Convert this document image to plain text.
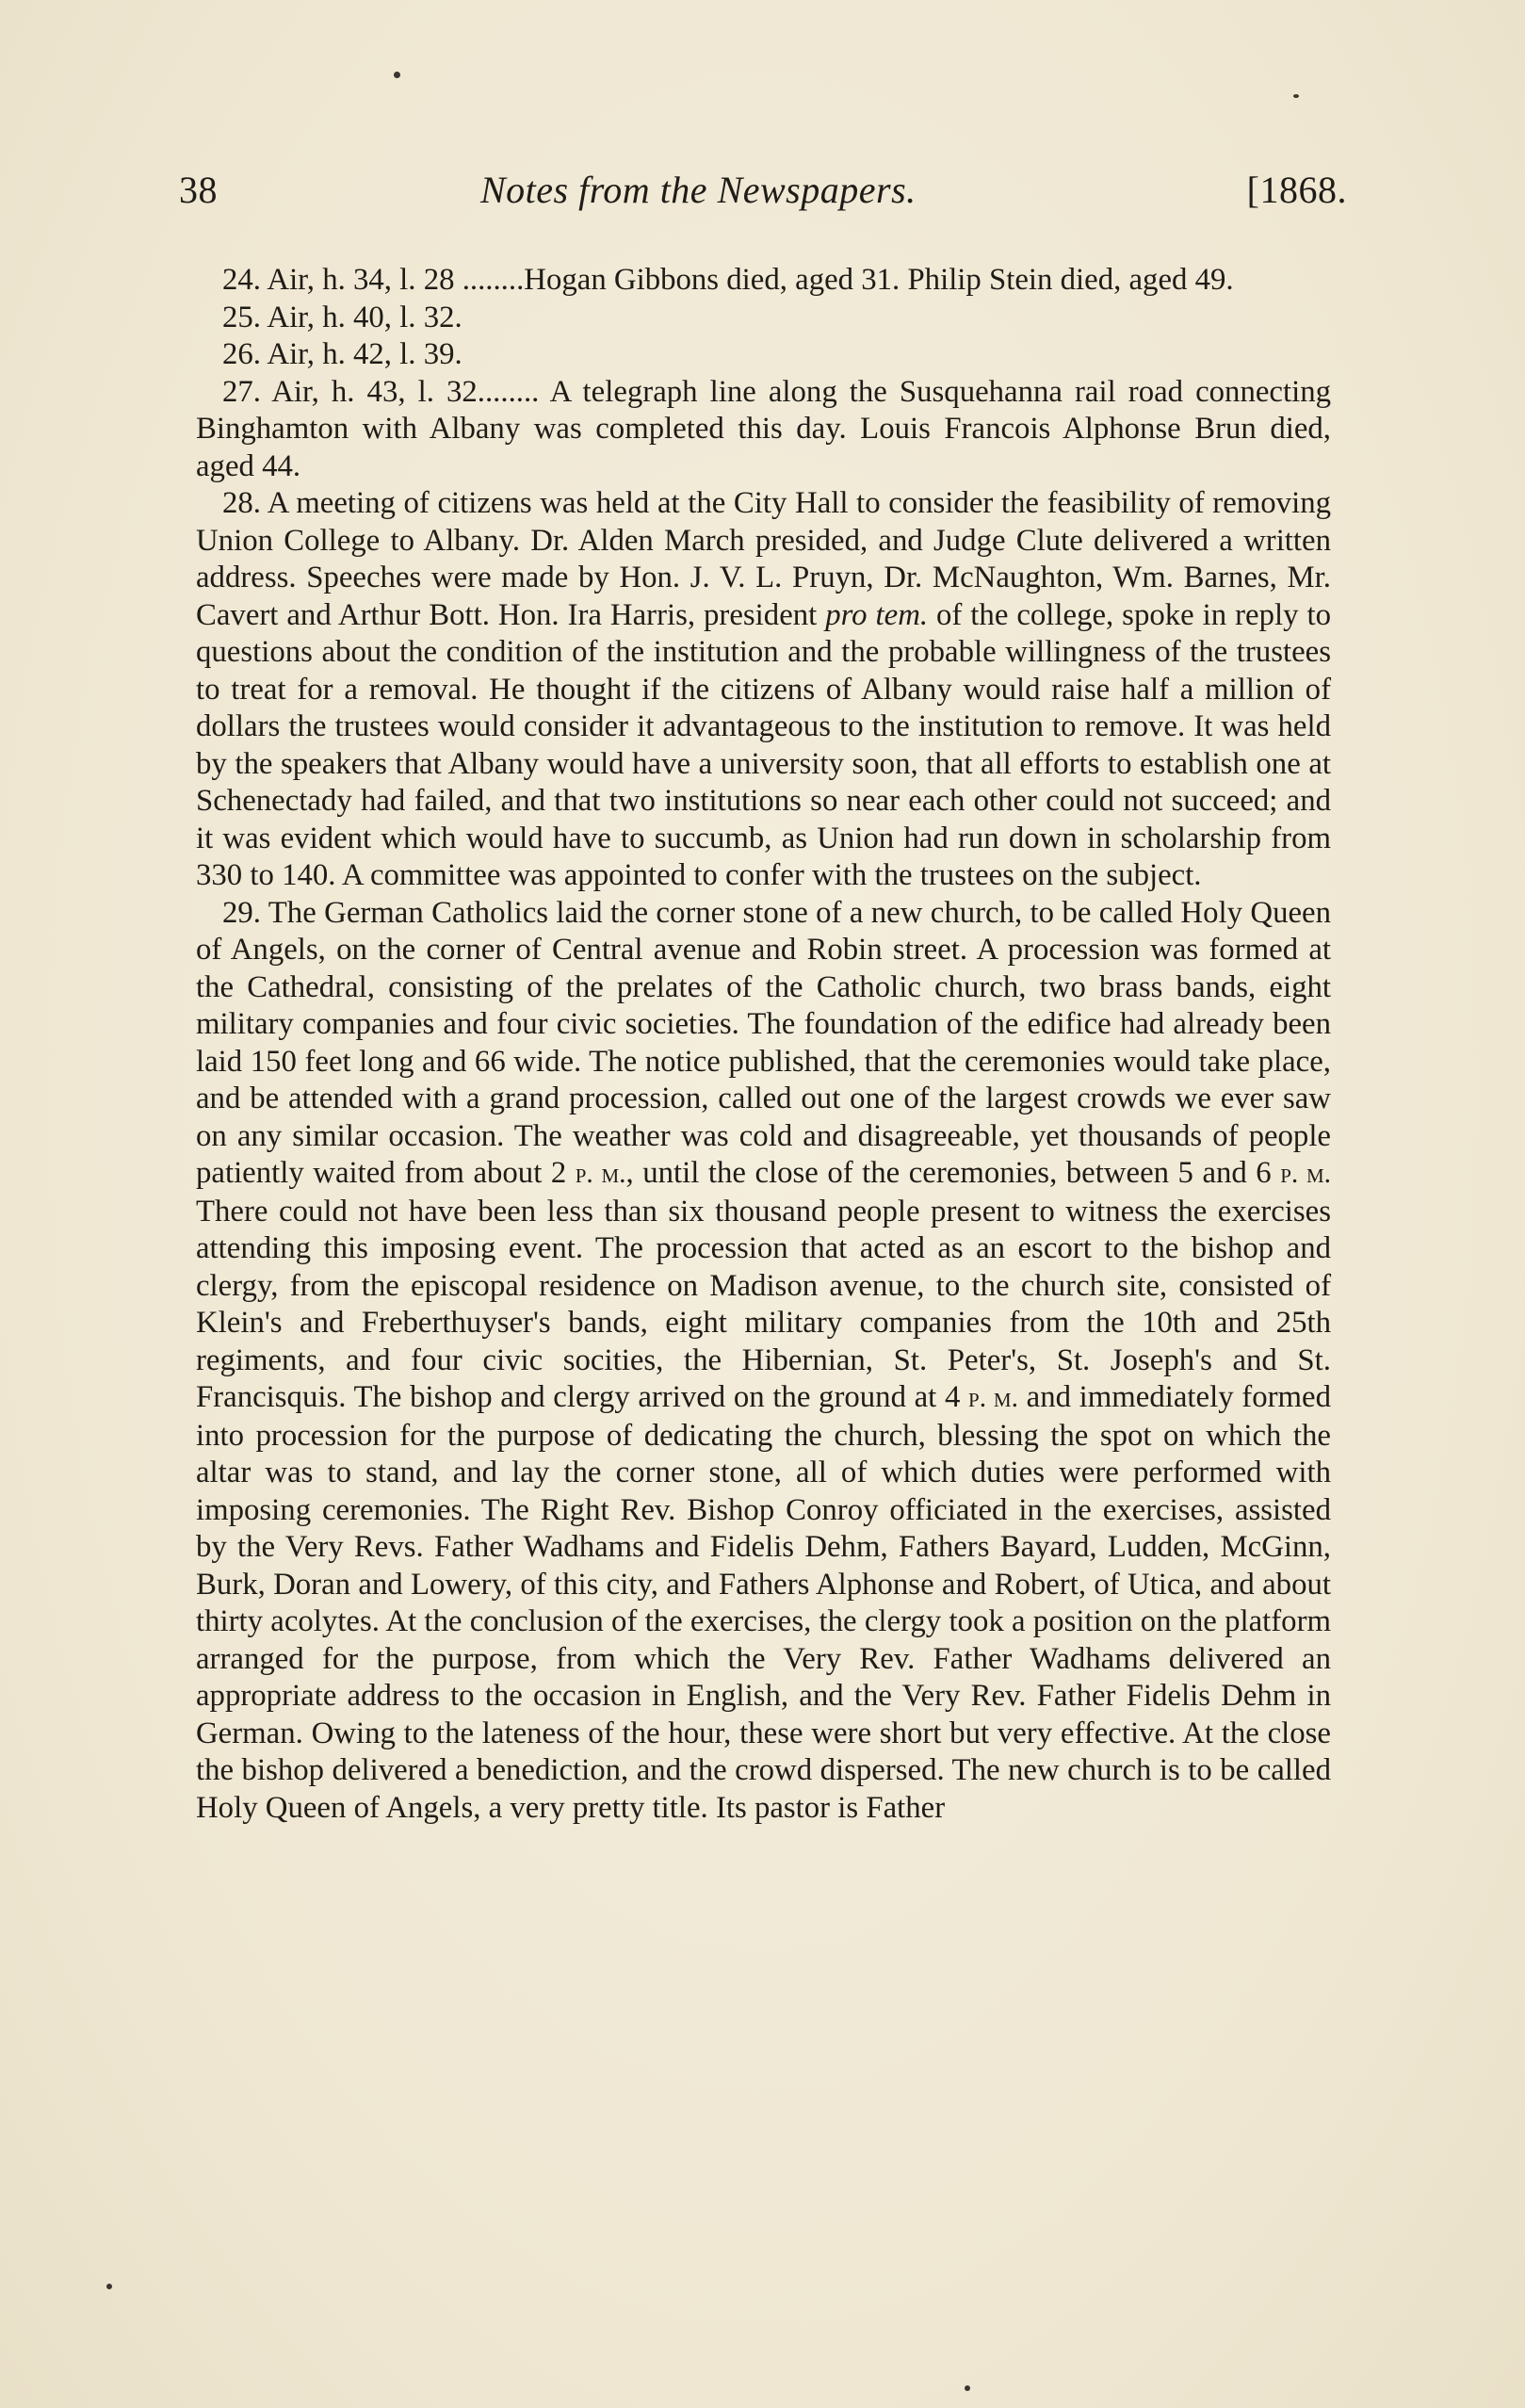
38	Notes from the Newspapers.	[1868.

24. Air, h. 34, l. 28 ........Hogan Gibbons died, aged 31. Philip Stein died, aged 49.

25. Air, h. 40, l. 32.

26. Air, h. 42, l. 39.

27. Air, h. 43, l. 32........ A telegraph line along the Susquehanna rail road connecting Binghamton with Albany was completed this day. Louis Francois Alphonse Brun died, aged 44.

28. A meeting of citizens was held at the City Hall to consider the feasibility of removing Union College to Albany. Dr. Alden March presided, and Judge Clute delivered a written address. Speeches were made by Hon. J. V. L. Pruyn, Dr. McNaughton, Wm. Barnes, Mr. Cavert and Arthur Bott. Hon. Ira Harris, president pro tem. of the college, spoke in reply to questions about the condition of the institution and the probable willingness of the trustees to treat for a removal. He thought if the citizens of Albany would raise half a million of dollars the trustees would consider it advantageous to the institution to remove. It was held by the speakers that Albany would have a university soon, that all efforts to establish one at Schenectady had failed, and that two institutions so near each other could not succeed; and it was evident which would have to succumb, as Union had run down in scholarship from 330 to 140. A committee was appointed to confer with the trustees on the subject.

29. The German Catholics laid the corner stone of a new church, to be called Holy Queen of Angels, on the corner of Central avenue and Robin street. A procession was formed at the Cathedral, consisting of the prelates of the Catholic church, two brass bands, eight military companies and four civic societies. The foundation of the edifice had already been laid 150 feet long and 66 wide. The notice published, that the ceremonies would take place, and be attended with a grand procession, called out one of the largest crowds we ever saw on any similar occasion. The weather was cold and disagreeable, yet thousands of people patiently waited from about 2 p. m., until the close of the ceremonies, between 5 and 6 p. m. There could not have been less than six thousand people present to witness the exercises attending this imposing event. The procession that acted as an escort to the bishop and clergy, from the episcopal residence on Madison avenue, to the church site, consisted of Klein's and Freberthuyser's bands, eight military companies from the 10th and 25th regiments, and four civic socities, the Hibernian, St. Peter's, St. Joseph's and St. Francisquis. The bishop and clergy arrived on the ground at 4 p. m. and immediately formed into procession for the purpose of dedicating the church, blessing the spot on which the altar was to stand, and lay the corner stone, all of which duties were performed with imposing ceremonies. The Right Rev. Bishop Conroy officiated in the exercises, assisted by the Very Revs. Father Wadhams and Fidelis Dehm, Fathers Bayard, Ludden, McGinn, Burk, Doran and Lowery, of this city, and Fathers Alphonse and Robert, of Utica, and about thirty acolytes. At the conclusion of the exercises, the clergy took a position on the platform arranged for the purpose, from which the Very Rev. Father Wadhams delivered an appropriate address to the occasion in English, and the Very Rev. Father Fidelis Dehm in German. Owing to the lateness of the hour, these were short but very effective. At the close the bishop delivered a benediction, and the crowd dispersed. The new church is to be called Holy Queen of Angels, a very pretty title. Its pastor is Father
